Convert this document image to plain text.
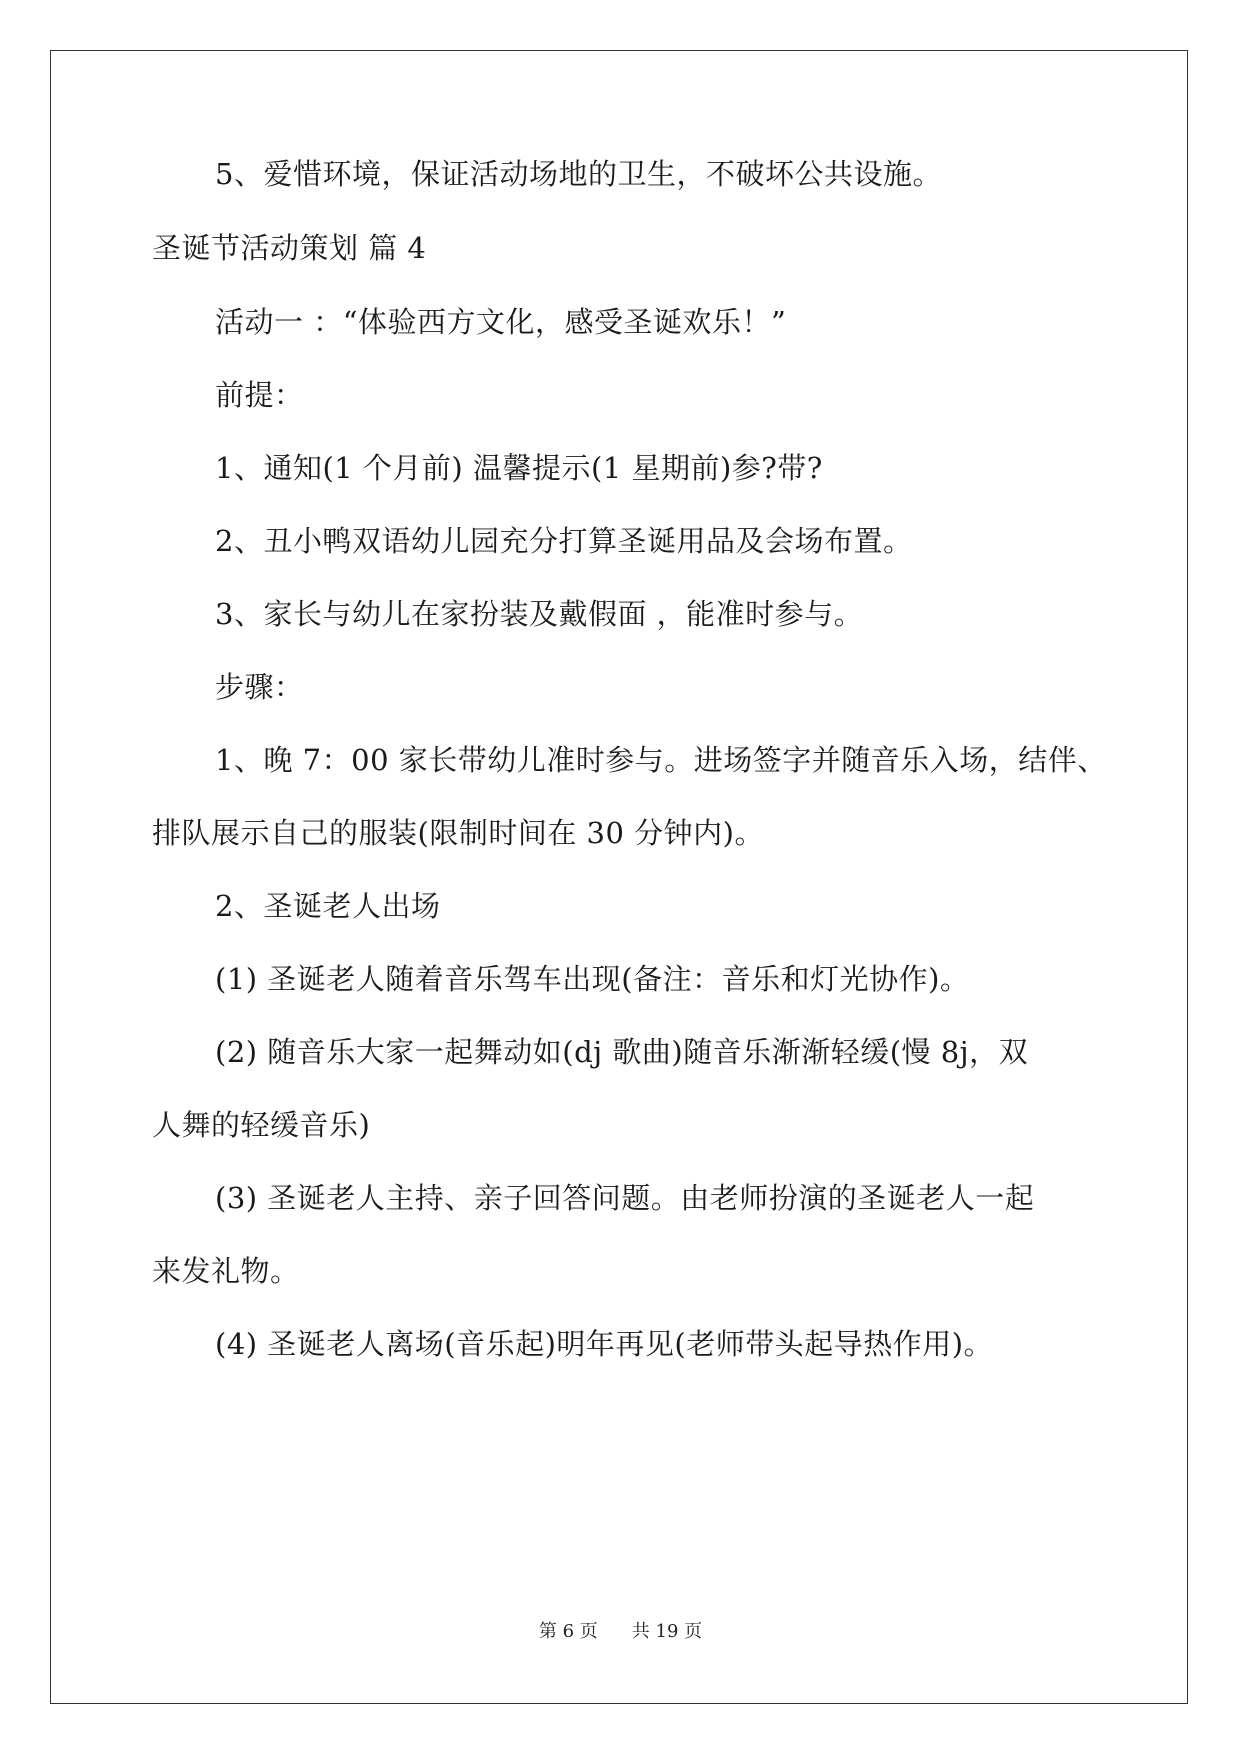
5、爱惜环境，保证活动场地的卫生，不破坏公共设施。
圣诞节活动策划 篇 4
活动一 ：“体验西方文化，感受圣诞欢乐！”
前提：
1、通知(1 个月前) 温馨提示(1 星期前)参?带?
2、丑小鸭双语幼儿园充分打算圣诞用品及会场布置。
3、家长与幼儿在家扮装及戴假面 ，能准时参与。
步骤：
1、晚 7：00 家长带幼儿准时参与。进场签字并随音乐入场，结伴、
排队展示自己的服装(限制时间在 30 分钟内)。
2、圣诞老人出场
(1) 圣诞老人随着音乐驾车出现(备注：音乐和灯光协作)。
(2) 随音乐大家一起舞动如(dj 歌曲)随音乐渐渐轻缓(慢 8j，双
人舞的轻缓音乐)
(3) 圣诞老人主持、亲子回答问题。由老师扮演的圣诞老人一起
来发礼物。
(4) 圣诞老人离场(音乐起)明年再见(老师带头起导热作用)。
第 6 页 共 19 页
